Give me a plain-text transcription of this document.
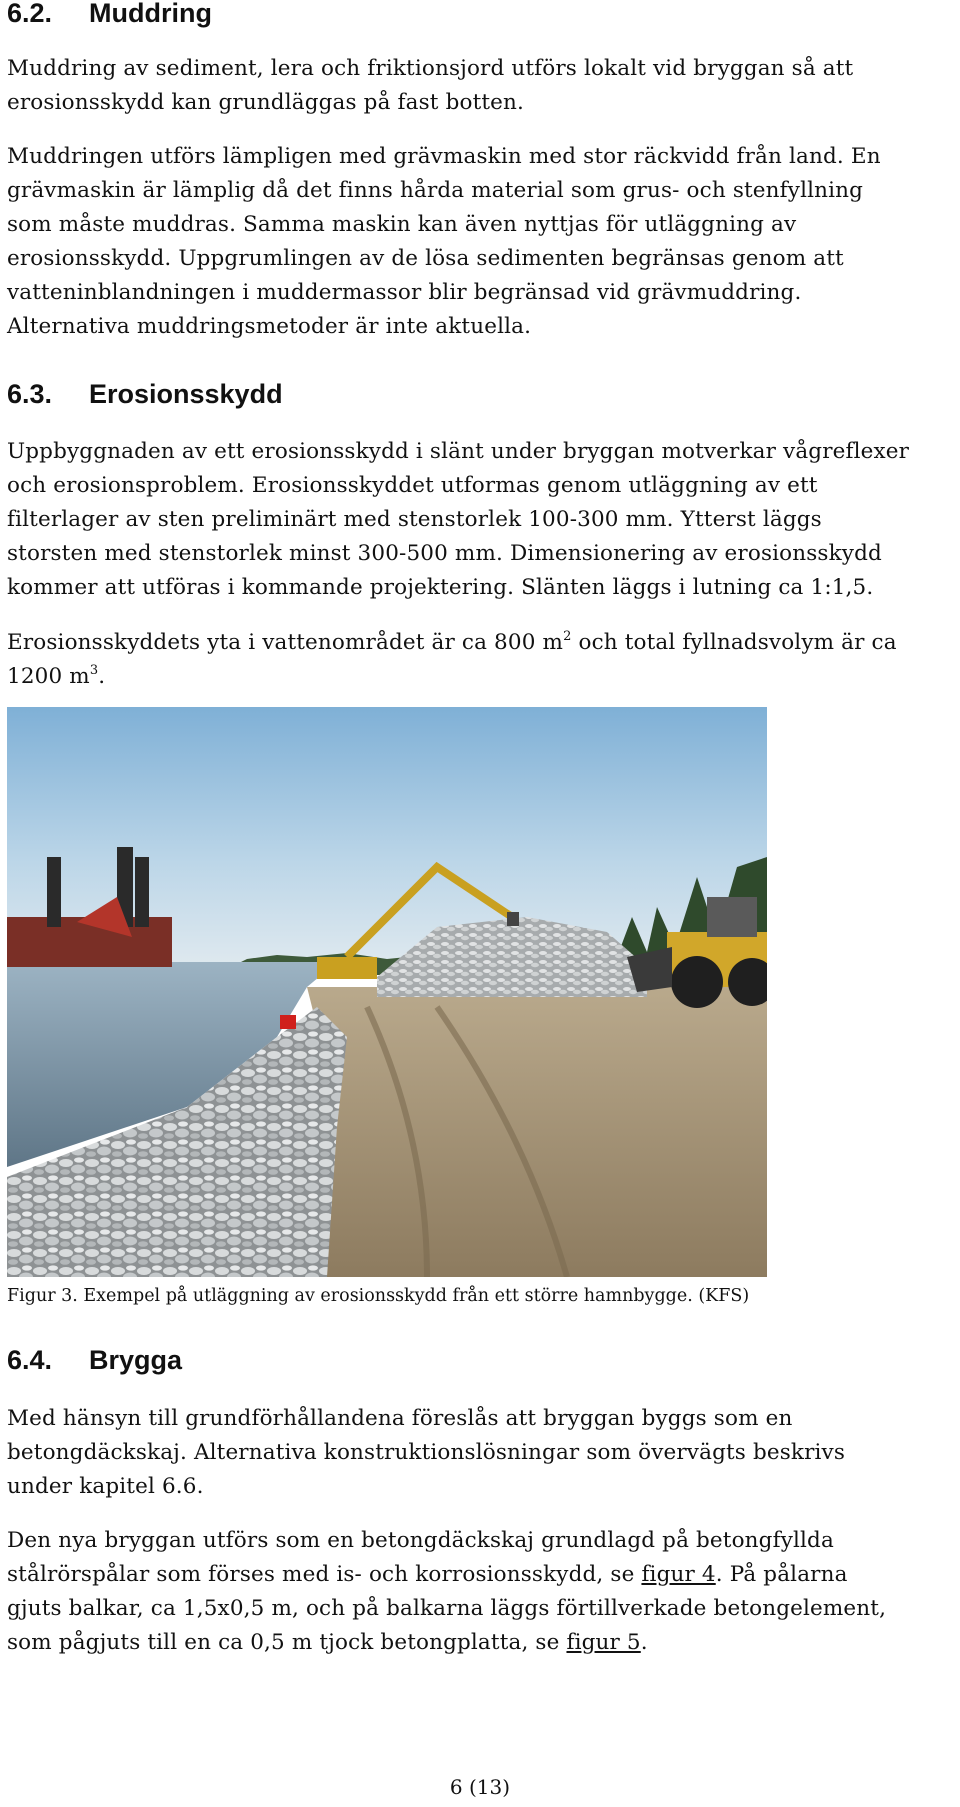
6.2. Muddring

Muddring av sediment, lera och friktionsjord utförs lokalt vid bryggan så att
erosionsskydd kan grundläggas på fast botten.

Muddringen utförs lämpligen med grävmaskin med stor räckvidd från land. En
grävmaskin är lämplig då det finns hårda material som grus- och stenfyllning
som måste muddras. Samma maskin kan även nyttjas för utläggning av
erosionsskydd. Uppgrumlingen av de lösa sedimenten begränsas genom att
vatteninblandningen i muddermassor blir begränsad vid grävmuddring.
Alternativa muddringsmetoder är inte aktuella.

6.3. Erosionsskydd

Uppbyggnaden av ett erosionsskydd i slänt under bryggan motverkar vågreflexer
och erosionsproblem. Erosionsskyddet utformas genom utläggning av ett
filterlager av sten preliminärt med stenstorlek 100-300 mm. Ytterst läggs
storsten med stenstorlek minst 300-500 mm. Dimensionering av erosionsskydd
kommer att utföras i kommande projektering. Slänten läggs i lutning ca 1:1,5.

Erosionsskyddets yta i vattenområdet är ca 800 $m^2$ och total fyllnadsvolym är ca
1200 $m^3$.

Figur 3. Exempel på utläggning av erosionsskydd från ett större hamnbygge. (KFS)
6.4. Brygga

Med hänsyn till grundförhållandena föreslås att bryggan byggs som en
betongdäckskaj. Alternativa konstruktionslösningar som övervägts beskrivs
under kapitel 6.6.

Den nya bryggan utförs som en betongdäckskaj grundlagd på betongfyllda
stålrörspålar som förses med is- och korrosionsskydd, se figur 4. På pålarna
gjuts balkar, ca 1,5x0,5 m, och på balkarna läggs förtillverkade betongelement,
som pågjuts till en ca 0,5 m tjock betongplatta, se figur 5.

6 (13)
